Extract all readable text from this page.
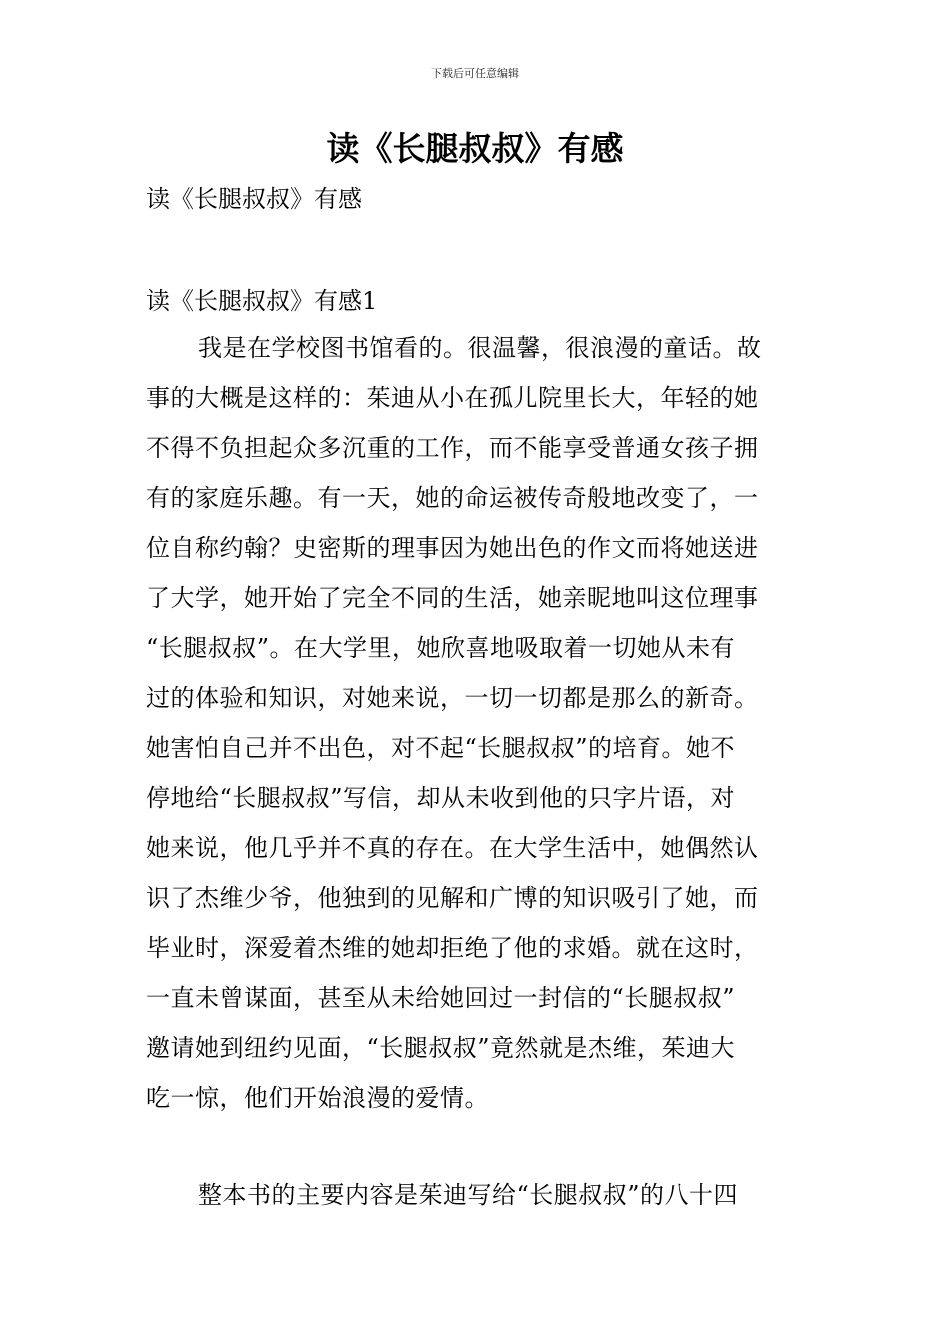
下载后可任意编辑
读《长腿叔叔》有感
读《长腿叔叔》有感
读《长腿叔叔》有感1
我是在学校图书馆看的。很温馨，很浪漫的童话。故
事的大概是这样的：茱迪从小在孤儿院里长大，年轻的她
不得不负担起众多沉重的工作，而不能享受普通女孩子拥
有的家庭乐趣。有一天，她的命运被传奇般地改变了，一
位自称约翰？史密斯的理事因为她出色的作文而将她送进
了大学，她开始了完全不同的生活，她亲昵地叫这位理事
“长腿叔叔”。在大学里，她欣喜地吸取着一切她从未有
过的体验和知识，对她来说，一切一切都是那么的新奇。
她害怕自己并不出色，对不起“长腿叔叔”的培育。她不
停地给“长腿叔叔”写信，却从未收到他的只字片语，对
她来说，他几乎并不真的存在。在大学生活中，她偶然认
识了杰维少爷，他独到的见解和广博的知识吸引了她，而
毕业时，深爱着杰维的她却拒绝了他的求婚。就在这时，
一直未曾谋面，甚至从未给她回过一封信的“长腿叔叔”
邀请她到纽约见面，“长腿叔叔”竟然就是杰维，茱迪大
吃一惊，他们开始浪漫的爱情。
整本书的主要内容是茱迪写给“长腿叔叔”的八十四
